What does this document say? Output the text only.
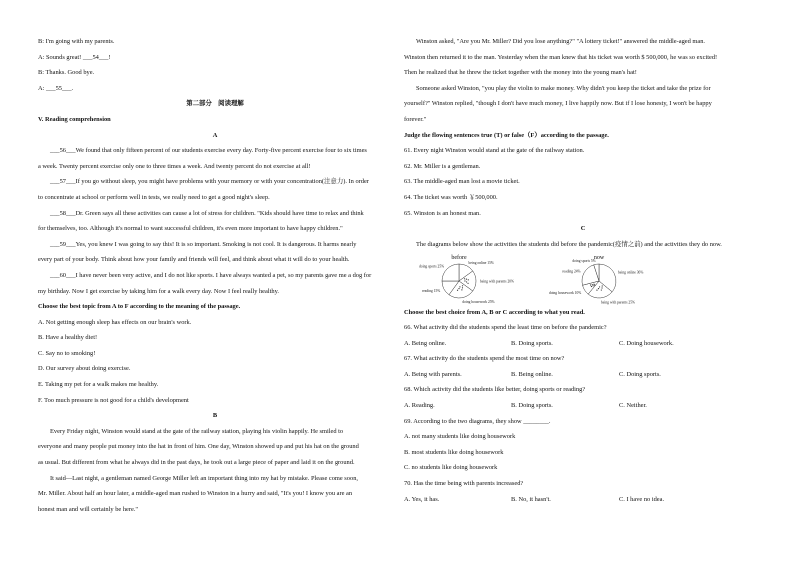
B: I'm going with my parents.

A: Sounds great! ___54___!

B: Thanks. Good bye.

A: ___55___.

第二部分　阅读理解

V. Reading comprehension

A

___56___We found that only fifteen percent of our students exercise every day. Forty-five percent exercise four to six times

a week. Twenty percent exercise only one to three times a week. And twenty percent do not exercise at all!

___57___If you go without sleep, you might have problems with your memory or with your concentration(注意力). In order

to concentrate at school or perform well in tests, we really need to get a good night's sleep.

___58___Dr. Green says all these activities can cause a lot of stress for children. "Kids should have time to relax and think

for themselves, too. Although it's normal to want successful children, it's even more important to have happy children."

___59___Yes, you knew I was going to say this! It is so important. Smoking is not cool. It is dangerous. It harms nearly

every part of your body. Think about how your family and friends will feel, and think about what it will do to your health.

___60___I have never been very active, and I do not like sports. I have always wanted a pet, so my parents gave me a dog for

my birthday. Now I get exercise by taking him for a walk every day. Now I feel really healthy.

Choose the best topic from A to F according to the meaning of the passage.

A. Not getting enough sleep has effects on our brain's work.

B. Have a healthy diet!

C. Say no to smoking!

D. Our survey about doing exercise.

E. Taking my pet for a walk makes me healthy.

F. Too much pressure is not good for a child's development

B

Every Friday night, Winston would stand at the gate of the railway station, playing his violin happily. He smiled to

everyone and many people put money into the hat in front of him. One day, Winston showed up and put his hat on the ground

as usual. But different from what he always did in the past days, he took out a large piece of paper and laid it on the ground.

It said—Last night, a gentleman named George Miller left an important thing into my hat by mistake. Please come soon,

Mr. Miller. About half an hour later, a middle-aged man rushed to Winston in a hurry and said, "It's you! I know you are an

honest man and will certainly be here."

Winston asked, "Are you Mr. Miller? Did you lose anything?" "A lottery ticket!" answered the middle-aged man.

Winston then returned it to the man. Yesterday when the man knew that his ticket was worth $ 500,000, he was so excited!

Then he realized that he threw the ticket together with the money into the young man's hat!

Someone asked Winston, "you play the violin to make money. Why didn't you keep the ticket and take the prize for

yourself?" Winston replied, "though I don't have much money, I live happily now. But if I lose honesty, I won't be happy

forever."

Judge the flowing sentences true (T) or false（F）according to the passage.

61. Every night Winston would stand at the gate of the railway station.

62. Mr. Miller is a gentleman.

63. The middle-aged man lost a movie ticket.

64. The ticket was worth ￥500,000.

65. Winston is an honest man.

C

The diagrams below show the activities the students did before the pandemic(疫情之前) and the activities they do now.

before
being online 15%
being with parents 20%
doing housework 25%
reading 15%
doing sports 25%
now
being online 36%
being with parents 25%
doing housework 10%
reading 24%
doing sports 5%

Choose the best choice from A, B or C according to what you read.

66. What activity did the students spend the least time on before the pandemic?

A. Being online.	B. Doing sports.	C. Doing housework.

67. What activity do the students spend the most time on now?

A. Being with parents.	B. Being online.	C. Doing sports.

68. Which activity did the students like better, doing sports or reading?

A. Reading.	B. Doing sports.	C. Neither.

69. According to the two diagrams, they show ________.

A. not many students like doing housework

B. most students like doing housework

C. no students like doing housework

70. Has the time being with parents increased?

A. Yes, it has.	B. No, it hasn't.	C. I have no idea.
